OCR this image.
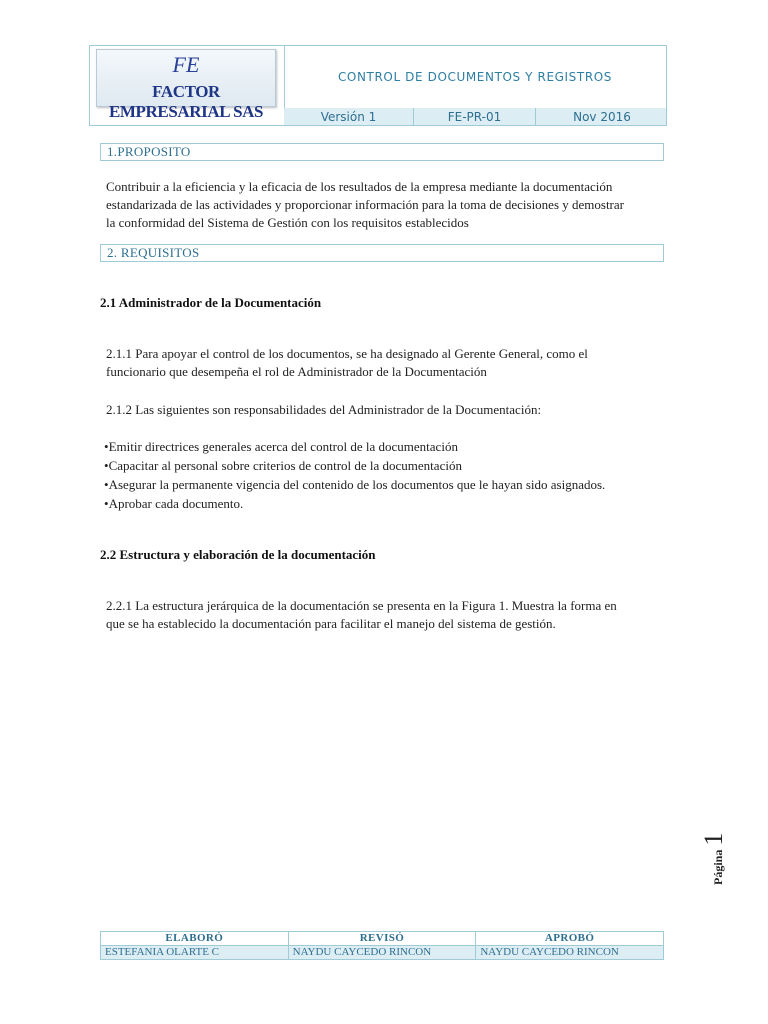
FE
FACTOR EMPRESARIAL SAS
CONTROL DE DOCUMENTOS Y REGISTROS
Versión 1	FE-PR-01	Nov 2016
1.PROPOSITO
Contribuir a la eficiencia y la eficacia de los resultados de la empresa mediante la documentación
estandarizada de las actividades y proporcionar información para la toma de decisiones y demostrar
la conformidad del Sistema de Gestión con los requisitos establecidos
2. REQUISITOS
2.1 Administrador de la Documentación
2.1.1 Para apoyar el control de los documentos, se ha designado al Gerente General, como el
funcionario que desempeña el rol de Administrador de la Documentación
2.1.2 Las siguientes son responsabilidades del Administrador de la Documentación:
• Emitir directrices generales acerca del control de la documentación
• Capacitar al personal sobre criterios de control de la documentación
• Asegurar la permanente vigencia del contenido de los documentos que le hayan sido asignados.
• Aprobar cada documento.
2.2 Estructura y elaboración de la documentación
2.2.1 La estructura jerárquica de la documentación se presenta en la Figura 1. Muestra la forma en
que se ha establecido la documentación para facilitar el manejo del sistema de gestión.
Página 1
ELABORÓ	REVISÓ	APROBÓ
ESTEFANIA OLARTE C	NAYDU CAYCEDO RINCON	NAYDU CAYCEDO RINCON
